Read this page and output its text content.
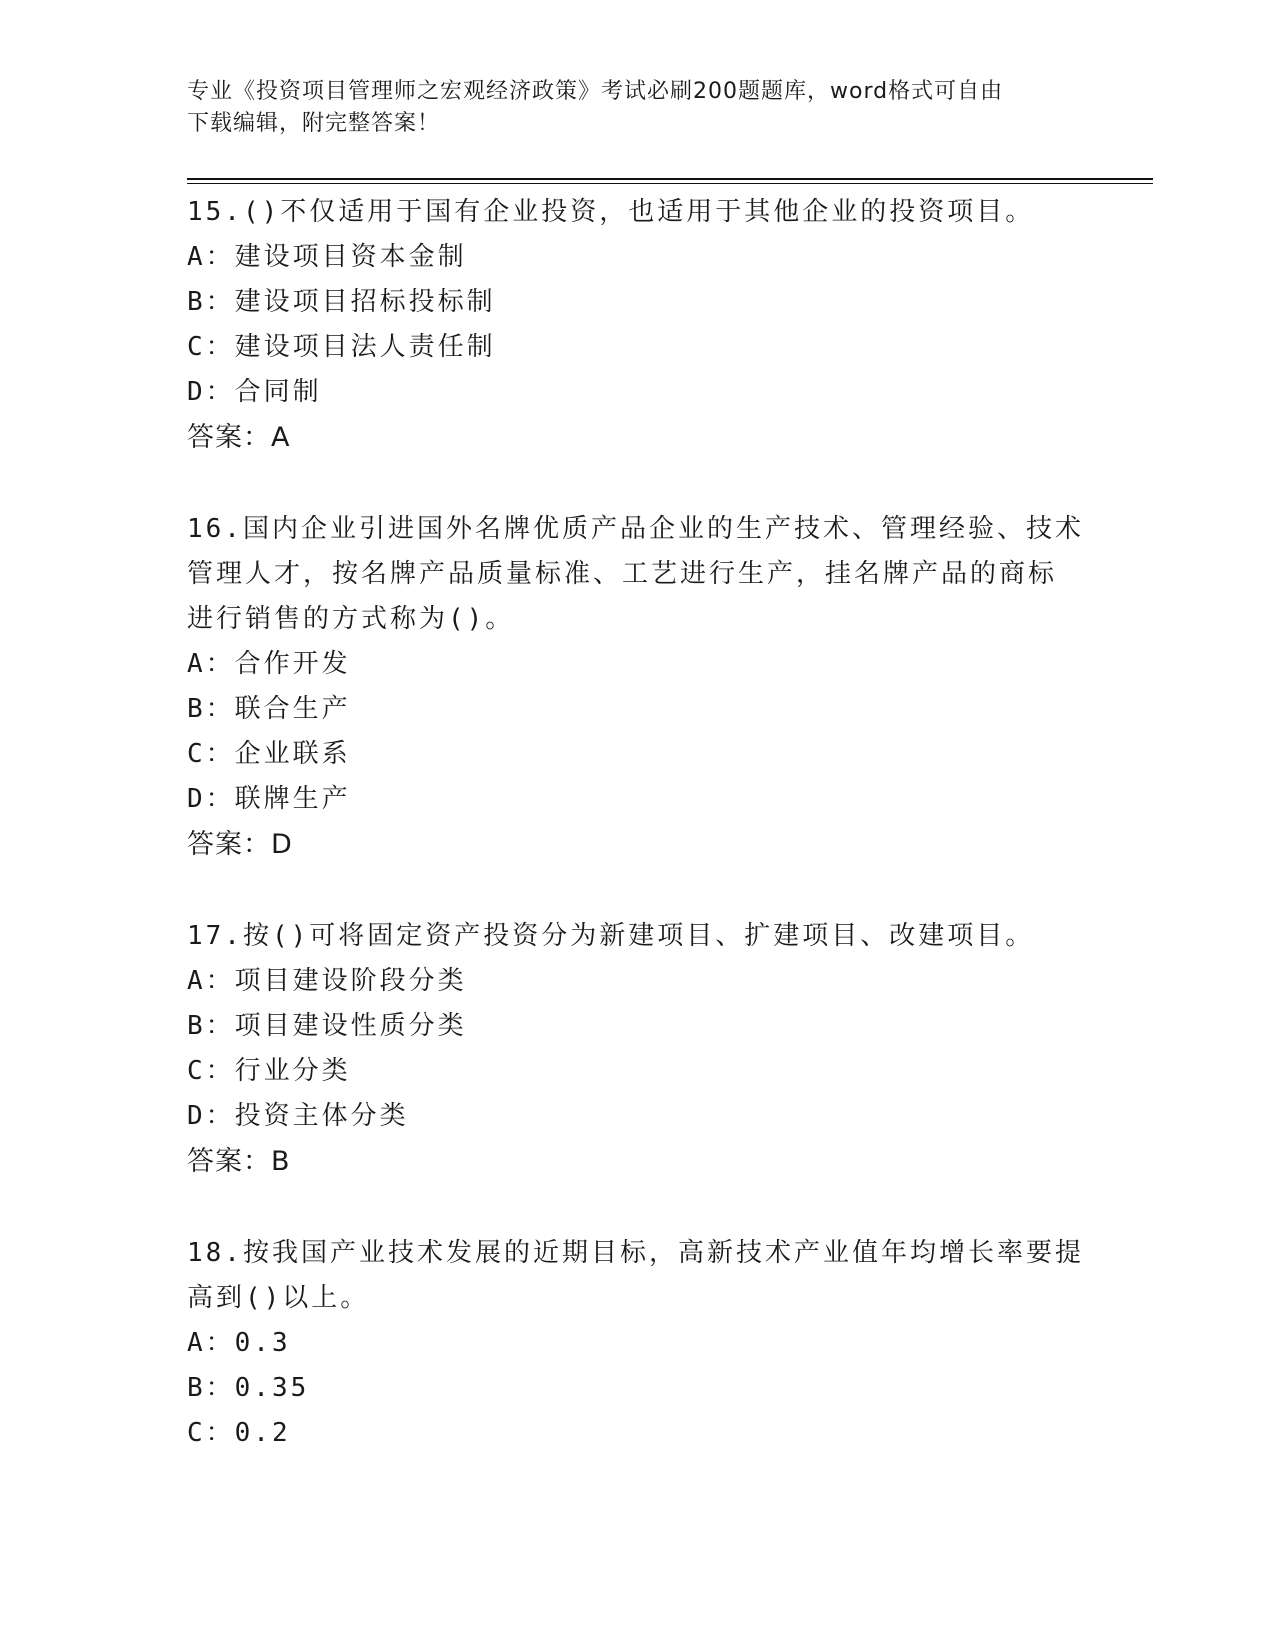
专业《投资项目管理师之宏观经济政策》考试必刷200题题库，word格式可自由
下载编辑，附完整答案！

15.()不仅适用于国有企业投资，也适用于其他企业的投资项目。

A：建设项目资本金制

B：建设项目招标投标制

C：建设项目法人责任制

D：合同制

答案：A

16.国内企业引进国外名牌优质产品企业的生产技术、管理经验、技术
管理人才，按名牌产品质量标准、工艺进行生产，挂名牌产品的商标
进行销售的方式称为()。

A：合作开发

B：联合生产

C：企业联系

D：联牌生产

答案：D

17.按()可将固定资产投资分为新建项目、扩建项目、改建项目。

A：项目建设阶段分类

B：项目建设性质分类

C：行业分类

D：投资主体分类

答案：B

18.按我国产业技术发展的近期目标，高新技术产业值年均增长率要提
高到()以上。

A：0.3

B：0.35

C：0.2
